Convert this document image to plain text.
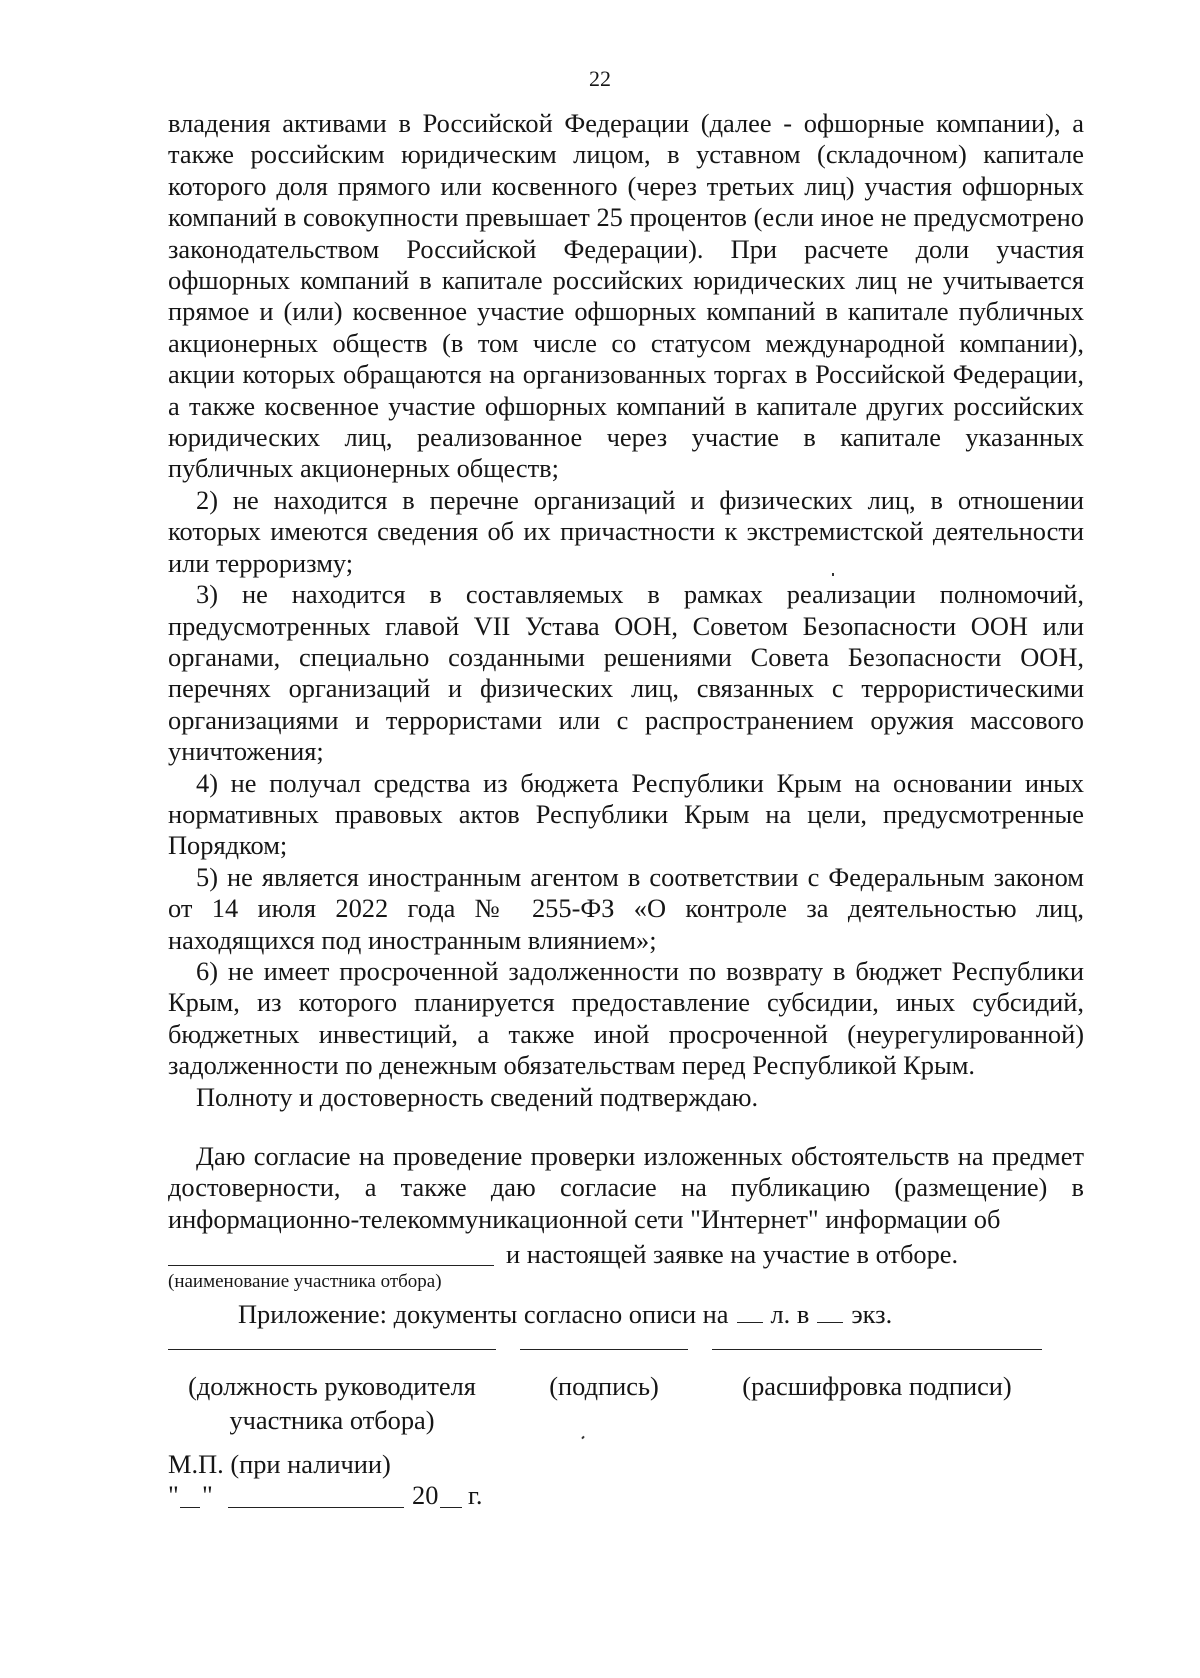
22

владения активами в Российской Федерации (далее - офшорные компании), а также российским юридическим лицом, в уставном (складочном) капитале которого доля прямого или косвенного (через третьих лиц) участия офшорных компаний в совокупности превышает 25 процентов (если иное не предусмотрено законодательством Российской Федерации). При расчете доли участия офшорных компаний в капитале российских юридических лиц не учитывается прямое и (или) косвенное участие офшорных компаний в капитале публичных акционерных обществ (в том числе со статусом международной компании), акции которых обращаются на организованных торгах в Российской Федерации, а также косвенное участие офшорных компаний в капитале других российских юридических лиц, реализованное через участие в капитале указанных публичных акционерных обществ;

2) не находится в перечне организаций и физических лиц, в отношении которых имеются сведения об их причастности к экстремистской деятельности или терроризму;

3) не находится в составляемых в рамках реализации полномочий, предусмотренных главой VII Устава ООН, Советом Безопасности ООН или органами, специально созданными решениями Совета Безопасности ООН, перечнях организаций и физических лиц, связанных с террористическими организациями и террористами или с распространением оружия массового уничтожения;

4) не получал средства из бюджета Республики Крым на основании иных нормативных правовых актов Республики Крым на цели, предусмотренные Порядком;

5) не является иностранным агентом в соответствии с Федеральным законом от 14 июля 2022 года № 255-ФЗ «О контроле за деятельностью лиц, находящихся под иностранным влиянием»;

6) не имеет просроченной задолженности по возврату в бюджет Республики Крым, из которого планируется предоставление субсидии, иных субсидий, бюджетных инвестиций, а также иной просроченной (неурегулированной) задолженности по денежным обязательствам перед Республикой Крым.

Полноту и достоверность сведений подтверждаю.

Даю согласие на проведение проверки изложенных обстоятельств на предмет достоверности, а также даю согласие на публикацию (размещение) в информационно-телекоммуникационной сети "Интернет" информации об

и настоящей заявке на участие в отборе.
(наименование участника отбора)
Приложение: документы согласно описи на л. в экз.
(должность руководителя
участника отбора)
(подпись)	(расшифровка подписи)
М.П. (при наличии)
" "	20 г.
